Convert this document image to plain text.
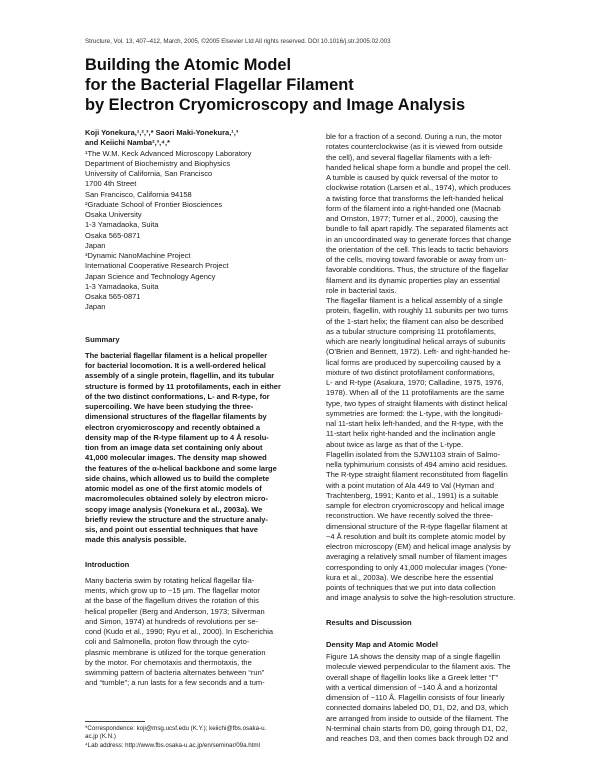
Structure, Vol. 13, 407–412, March, 2005, ©2005 Elsevier Ltd All rights reserved. DOI 10.1016/j.str.2005.02.003
Building the Atomic Model
for the Bacterial Flagellar Filament
by Electron Cryomicroscopy and Image Analysis
Koji Yonekura,¹,²,³,* Saori Maki-Yonekura,¹,³
and Keiichi Namba²,³,⁴,*
¹The W.M. Keck Advanced Microscopy Laboratory
Department of Biochemistry and Biophysics
University of California, San Francisco
1700 4th Street
San Francisco, California 94158
²Graduate School of Frontier Biosciences
Osaka University
1-3 Yamadaoka, Suita
Osaka 565-0871
Japan
³Dynamic NanoMachine Project
International Cooperative Research Project
Japan Science and Technology Agency
1-3 Yamadaoka, Suita
Osaka 565-0871
Japan
Summary
The bacterial flagellar filament is a helical propeller
for bacterial locomotion. It is a well-ordered helical
assembly of a single protein, flagellin, and its tubular
structure is formed by 11 protofilaments, each in either
of the two distinct conformations, L- and R-type, for
supercoiling. We have been studying the three-
dimensional structures of the flagellar filaments by
electron cryomicroscopy and recently obtained a
density map of the R-type filament up to 4 Å resolu-
tion from an image data set containing only about
41,000 molecular images. The density map showed
the features of the α-helical backbone and some large
side chains, which allowed us to build the complete
atomic model as one of the first atomic models of
macromolecules obtained solely by electron micro-
scopy image analysis (Yonekura et al., 2003a). We
briefly review the structure and the structure analy-
sis, and point out essential techniques that have
made this analysis possible.
Introduction
Many bacteria swim by rotating helical flagellar fila-
ments, which grow up to ~15 μm. The flagellar motor
at the base of the flagellum drives the rotation of this
helical propeller (Berg and Anderson, 1973; Silverman
and Simon, 1974) at hundreds of revolutions per se-
cond (Kudo et al., 1990; Ryu et al., 2000). In Escherichia
coli and Salmonella, proton flow through the cyto-
plasmic membrane is utilized for the torque generation
by the motor. For chemotaxis and thermotaxis, the
swimming pattern of bacteria alternates between “run”
and “tumble”; a run lasts for a few seconds and a tum-
*Correspondence: koji@msg.ucsf.edu (K.Y.); keiichi@fbs.osaka-u.
ac.jp (K.N.)
⁴Lab address: http://www.fbs.osaka-u.ac.jp/en/seminar/09a.html
ble for a fraction of a second. During a run, the motor
rotates counterclockwise (as it is viewed from outside
the cell), and several flagellar filaments with a left-
handed helical shape form a bundle and propel the cell.
A tumble is caused by quick reversal of the motor to
clockwise rotation (Larsen et al., 1974), which produces
a twisting force that transforms the left-handed helical
form of the filament into a right-handed one (Macnab
and Ornston, 1977; Turner et al., 2000), causing the
bundle to fall apart rapidly. The separated filaments act
in an uncoordinated way to generate forces that change
the orientation of the cell. This leads to tactic behaviors
of the cells, moving toward favorable or away from un-
favorable conditions. Thus, the structure of the flagellar
filament and its dynamic properties play an essential
role in bacterial taxis.
The flagellar filament is a helical assembly of a single
protein, flagellin, with roughly 11 subunits per two turns
of the 1-start helix; the filament can also be described
as a tubular structure comprising 11 protofilaments,
which are nearly longitudinal helical arrays of subunits
(O’Brien and Bennett, 1972). Left- and right-handed he-
lical forms are produced by supercoiling caused by a
mixture of two distinct protofilament conformations,
L- and R-type (Asakura, 1970; Calladine, 1975, 1976,
1978). When all of the 11 protofilaments are the same
type, two types of straight filaments with distinct helical
symmetries are formed: the L-type, with the longitudi-
nal 11-start helix left-handed, and the R-type, with the
11-start helix right-handed and the inclination angle
about twice as large as that of the L-type.
Flagellin isolated from the SJW1103 strain of Salmo-
nella typhimurium consists of 494 amino acid residues.
The R-type straight filament reconstituted from flagellin
with a point mutation of Ala 449 to Val (Hyman and
Trachtenberg, 1991; Kanto et al., 1991) is a suitable
sample for electron cryomicroscopy and helical image
reconstruction. We have recently solved the three-
dimensional structure of the R-type flagellar filament at
~4 Å resolution and built its complete atomic model by
electron microscopy (EM) and helical image analysis by
averaging a relatively small number of filament images
corresponding to only 41,000 molecular images (Yone-
kura et al., 2003a). We describe here the essential
points of techniques that we put into data collection
and image analysis to solve the high-resolution structure.
Results and Discussion
Density Map and Atomic Model
Figure 1A shows the density map of a single flagellin
molecule viewed perpendicular to the filament axis. The
overall shape of flagellin looks like a Greek letter “Γ”
with a vertical dimension of ~140 Å and a horizontal
dimension of ~110 Å. Flagellin consists of four linearly
connected domains labeled D0, D1, D2, and D3, which
are arranged from inside to outside of the filament. The
N-terminal chain starts from D0, going through D1, D2,
and reaches D3, and then comes back through D2 and
